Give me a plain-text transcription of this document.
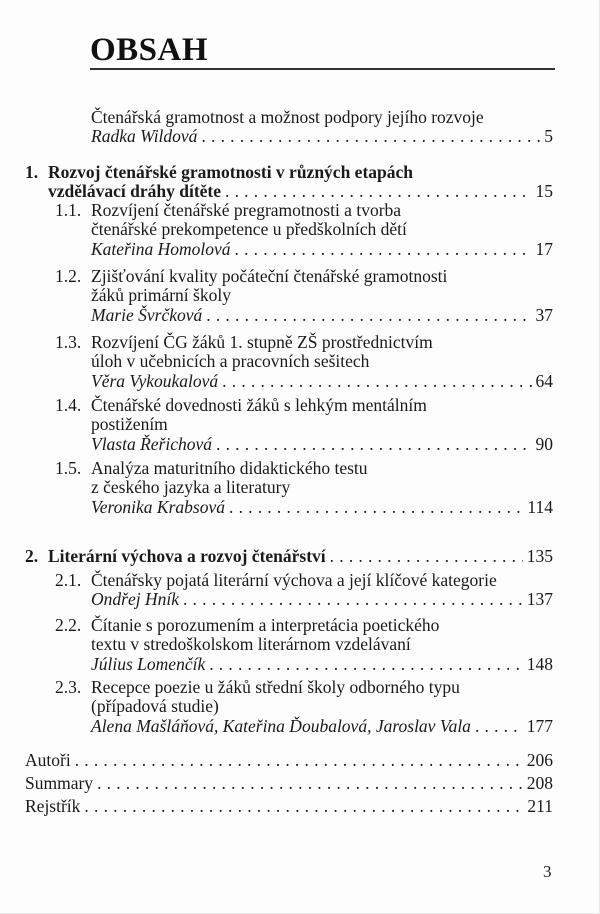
OBSAH
Čtenářská gramotnost a možnost podpory jejího rozvoje
Radka Wildová .....	5
1. Rozvoj čtenářské gramotnosti v různých etapách
vzdělávací dráhy dítěte .....	15
1.1. Rozvíjení čtenářské pregramotnosti a tvorba
čtenářské prekompetence u předškolních dětí
Kateřina Homolová .....	17
1.2. Zjišťování kvality počáteční čtenářské gramotnosti
žáků primární školy
Marie Švrčková .....	37
1.3. Rozvíjení ČG žáků 1. stupně ZŠ prostřednictvím
úloh v učebnicích a pracovních sešitech
Věra Vykoukalová .....	64
1.4. Čtenářské dovednosti žáků s lehkým mentálním
postižením
Vlasta Řeřichová .....	90
1.5. Analýza maturitního didaktického testu
z českého jazyka a literatury
Veronika Krabsová .....	114
2. Literární výchova a rozvoj čtenářství .....	135
2.1. Čtenářsky pojatá literární výchova a její klíčové kategorie
Ondřej Hník .....	137
2.2. Čítanie s porozumením a interpretácia poetického
textu v stredoškolskom literárnom vzdelávaní
Július Lomenčík .....	148
2.3. Recepce poezie u žáků střední školy odborného typu
(případová studie)
Alena Mašláňová, Kateřina Ďoubalová, Jaroslav Vala .....	177
Autoři .....	206
Summary .....	208
Rejstřík .....	211
3
